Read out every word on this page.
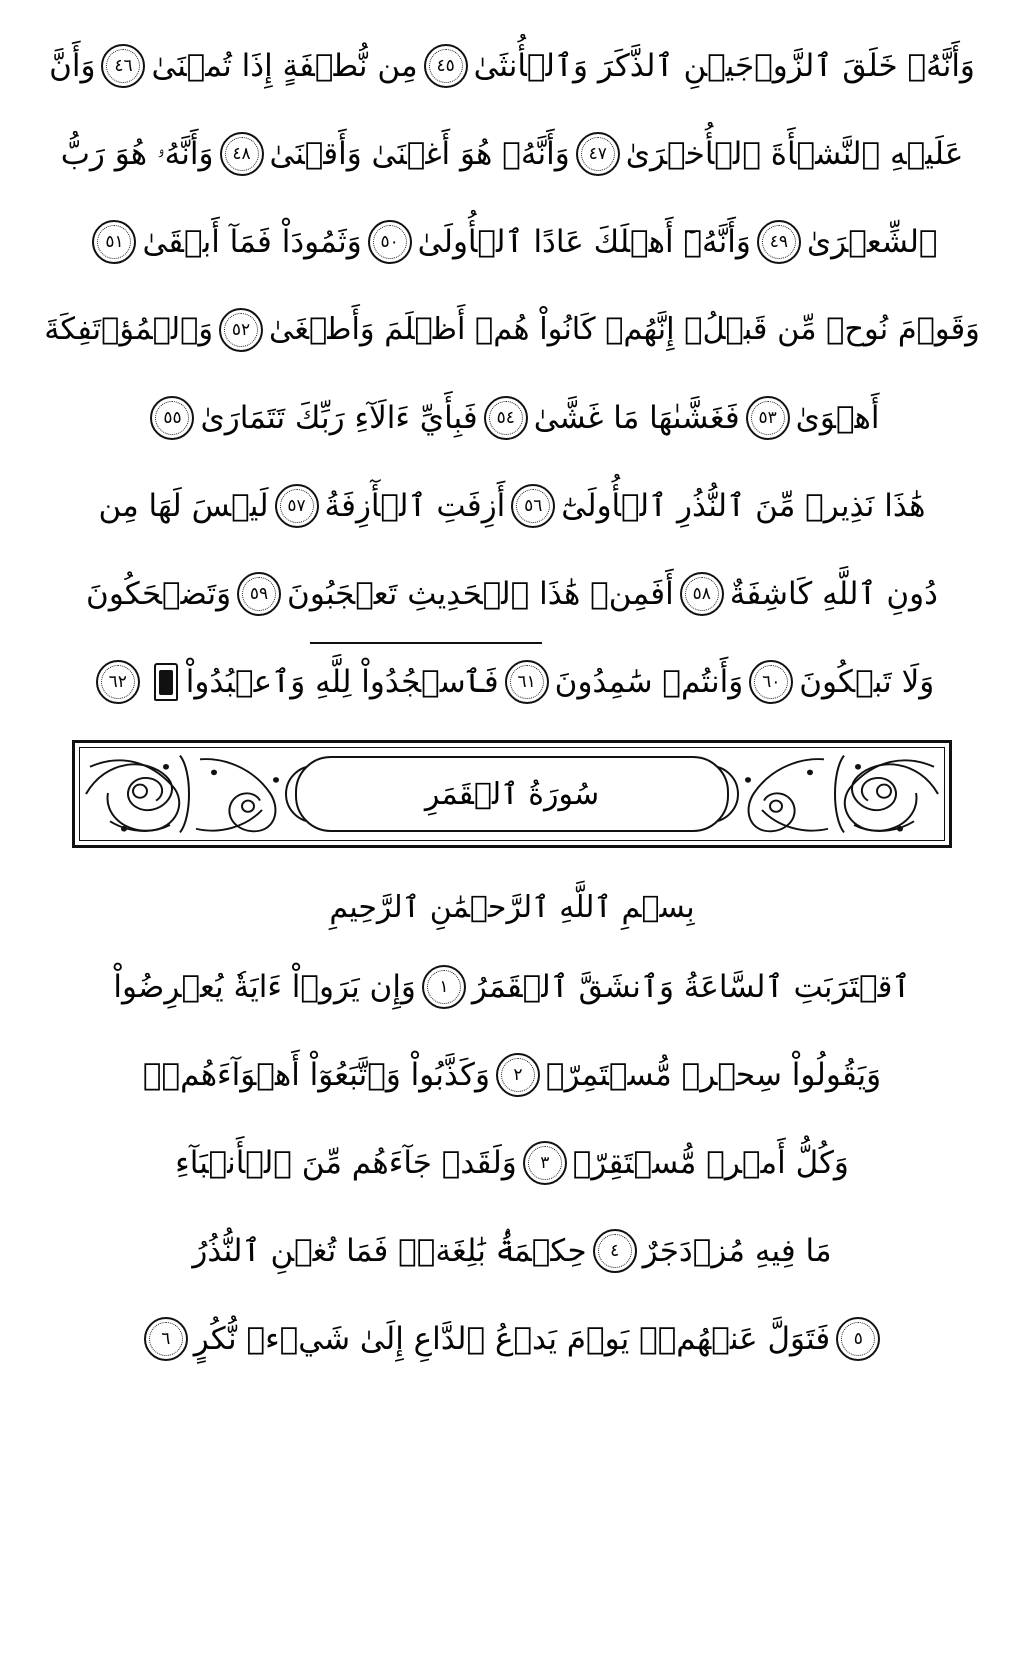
وَأَنَّهُۥ خَلَقَ ٱلزَّوۡجَيۡنِ ٱلذَّكَرَ وَٱلۡأُنثَىٰ
٤٥
مِن نُّطۡفَةٍ إِذَا تُمۡنَىٰ
٤٦
وَأَنَّ
عَلَيۡهِ ٱلنَّشۡأَةَ ٱلۡأُخۡرَىٰ
٤٧
وَأَنَّهُۥ هُوَ أَغۡنَىٰ وَأَقۡنَىٰ
٤٨
وَأَنَّهُۥ هُوَ رَبُّ
ٱلشِّعۡرَىٰ
٤٩
وَأَنَّهُۥٓ أَهۡلَكَ عَادًا ٱلۡأُولَىٰ
٥٠
وَثَمُودَاْ فَمَآ أَبۡقَىٰ
٥١
وَقَوۡمَ نُوحٖ مِّن قَبۡلُۖ إِنَّهُمۡ كَانُواْ هُمۡ أَظۡلَمَ وَأَطۡغَىٰ
٥٢
وَٱلۡمُؤۡتَفِكَةَ
أَهۡوَىٰ
٥٣
فَغَشَّىٰهَا مَا غَشَّىٰ
٥٤
فَبِأَيِّ ءَالَآءِ رَبِّكَ تَتَمَارَىٰ
٥٥
هَٰذَا نَذِيرٞ مِّنَ ٱلنُّذُرِ ٱلۡأُولَىٰٓ
٥٦
أَزِفَتِ ٱلۡأٓزِفَةُ
٥٧
لَيۡسَ لَهَا مِن
دُونِ ٱللَّهِ كَاشِفَةٌ
٥٨
أَفَمِنۡ هَٰذَا ٱلۡحَدِيثِ تَعۡجَبُونَ
٥٩
وَتَضۡحَكُونَ
وَلَا تَبۡكُونَ
٦٠
وَأَنتُمۡ سَٰمِدُونَ
٦١
فَٱسۡجُدُواْ لِلَّهِ وَٱعۡبُدُواْ
٦٢
سُورَةُ ٱلۡقَمَرِ
بِسۡمِ ٱللَّهِ ٱلرَّحۡمَٰنِ ٱلرَّحِيمِ
ٱقۡتَرَبَتِ ٱلسَّاعَةُ وَٱنشَقَّ ٱلۡقَمَرُ
١
وَإِن يَرَوۡاْ ءَايَةٗ يُعۡرِضُواْ
وَيَقُولُواْ سِحۡرٞ مُّسۡتَمِرّٞ
٢
وَكَذَّبُواْ وَٱتَّبَعُوٓاْ أَهۡوَآءَهُمۡۚ
وَكُلُّ أَمۡرٖ مُّسۡتَقِرّٞ
٣
وَلَقَدۡ جَآءَهُم مِّنَ ٱلۡأَنۢبَآءِ
مَا فِيهِ مُزۡدَجَرٌ
٤
حِكۡمَةُۢ بَٰلِغَةٞۖ فَمَا تُغۡنِ ٱلنُّذُرُ
٥
فَتَوَلَّ عَنۡهُمۡۘ يَوۡمَ يَدۡعُ ٱلدَّاعِ إِلَىٰ شَيۡءٖ نُّكُرٍ
٦
